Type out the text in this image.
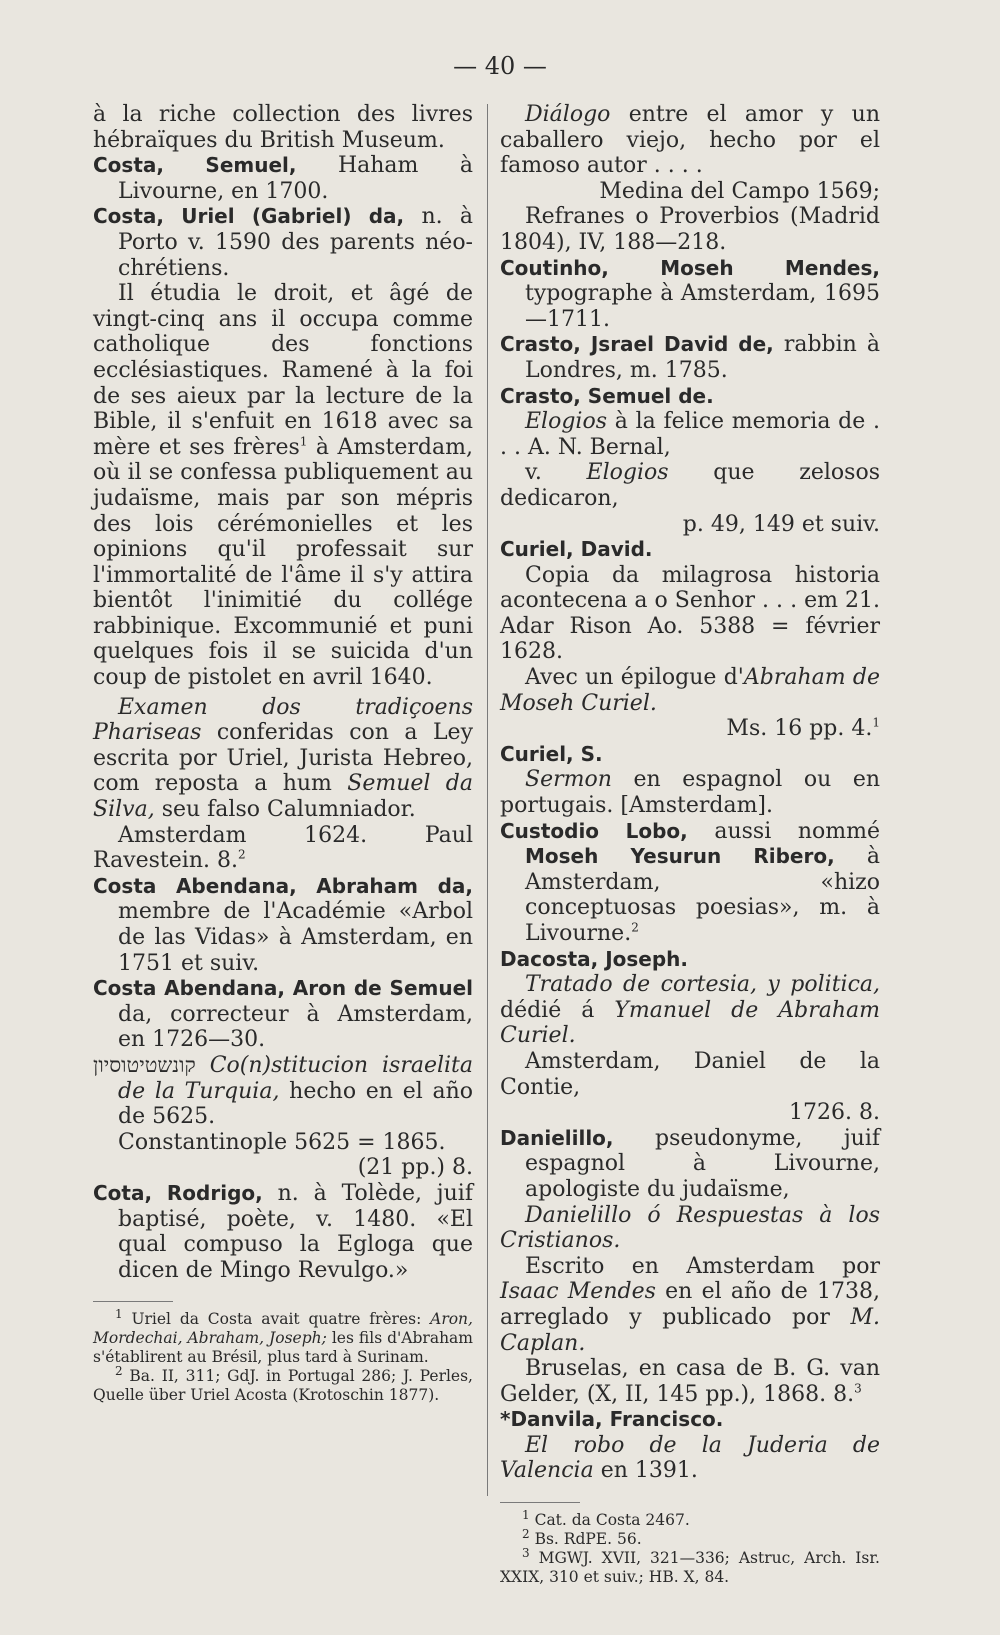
— 40 —

à la riche collection des livres hébraïques du British Museum.

Costa, Semuel, Haham à Livourne, en 1700.

Costa, Uriel (Gabriel) da, n. à Porto v. 1590 des parents néo-chrétiens.

Il étudia le droit, et âgé de vingt-cinq ans il occupa comme catholique des fonctions ecclésiastiques. Ramené à la foi de ses aieux par la lecture de la Bible, il s'enfuit en 1618 avec sa mère et ses frères$^1$ à Amsterdam, où il se confessa publiquement au judaïsme, mais par son mépris des lois cérémonielles et les opinions qu'il professait sur l'immortalité de l'âme il s'y attira bientôt l'inimitié du collége rabbinique. Excommunié et puni quelques fois il se suicida d'un coup de pistolet en avril 1640.

Examen dos tradiçoens Phariseas conferidas con a Ley escrita por Uriel, Jurista Hebreo, com reposta a hum Semuel da Silva, seu falso Calumniador.

Amsterdam 1624. Paul Ravestein. 8.$^2$

Costa Abendana, Abraham da, membre de l'Académie «Arbol de las Vidas» à Amsterdam, en 1751 et suiv.

Costa Abendana, Aron de Semuel da, correcteur à Amsterdam, en 1726—30.

קונשטיטוסיון Co(n)stitucion israelita de la Turquia, hecho en el año de 5625.

Constantinople 5625 = 1865.

(21 pp.) 8.

Cota, Rodrigo, n. à Tolède, juif baptisé, poète, v. 1480. «El qual compuso la Egloga que dicen de Mingo Revulgo.»

$^1$ Uriel da Costa avait quatre frères: Aron, Mordechai, Abraham, Joseph; les fils d'Abraham s'établirent au Brésil, plus tard à Surinam.

$^2$ Ba. II, 311; GdJ. in Portugal 286; J. Perles, Quelle über Uriel Acosta (Krotoschin 1877).

Diálogo entre el amor y un caballero viejo, hecho por el famoso autor . . . .

Medina del Campo 1569;

Refranes o Proverbios (Madrid 1804), IV, 188—218.

Coutinho, Moseh Mendes, typographe à Amsterdam, 1695—1711.

Crasto, Jsrael David de, rabbin à Londres, m. 1785.

Crasto, Semuel de.

Elogios à la felice memoria de . . . A. N. Bernal,

v. Elogios que zelosos dedicaron,

p. 49, 149 et suiv.

Curiel, David.

Copia da milagrosa historia acontecena a o Senhor . . . em 21. Adar Rison Ao. 5388 = février 1628.

Avec un épilogue d'Abraham de Moseh Curiel.

Ms. 16 pp. 4.$^1$

Curiel, S.

Sermon en espagnol ou en portugais. [Amsterdam].

Custodio Lobo, aussi nommé Moseh Yesurun Ribero, à Amsterdam, «hizo conceptuosas poesias», m. à Livourne.$^2$

Dacosta, Joseph.

Tratado de cortesia, y politica, dédié á Ymanuel de Abraham Curiel.

Amsterdam, Daniel de la Contie,

1726. 8.

Danielillo, pseudonyme, juif espagnol à Livourne, apologiste du judaïsme,

Danielillo ó Respuestas à los Cristianos.

Escrito en Amsterdam por Isaac Mendes en el año de 1738, arreglado y publicado por M. Caplan.

Bruselas, en casa de B. G. van Gelder, (X, II, 145 pp.), 1868. 8.$^3$

*Danvila, Francisco.

El robo de la Juderia de Valencia en 1391.

$^1$ Cat. da Costa 2467.

$^2$ Bs. RdPE. 56.

$^3$ MGWJ. XVII, 321—336; Astruc, Arch. Isr. XXIX, 310 et suiv.; HB. X, 84.
